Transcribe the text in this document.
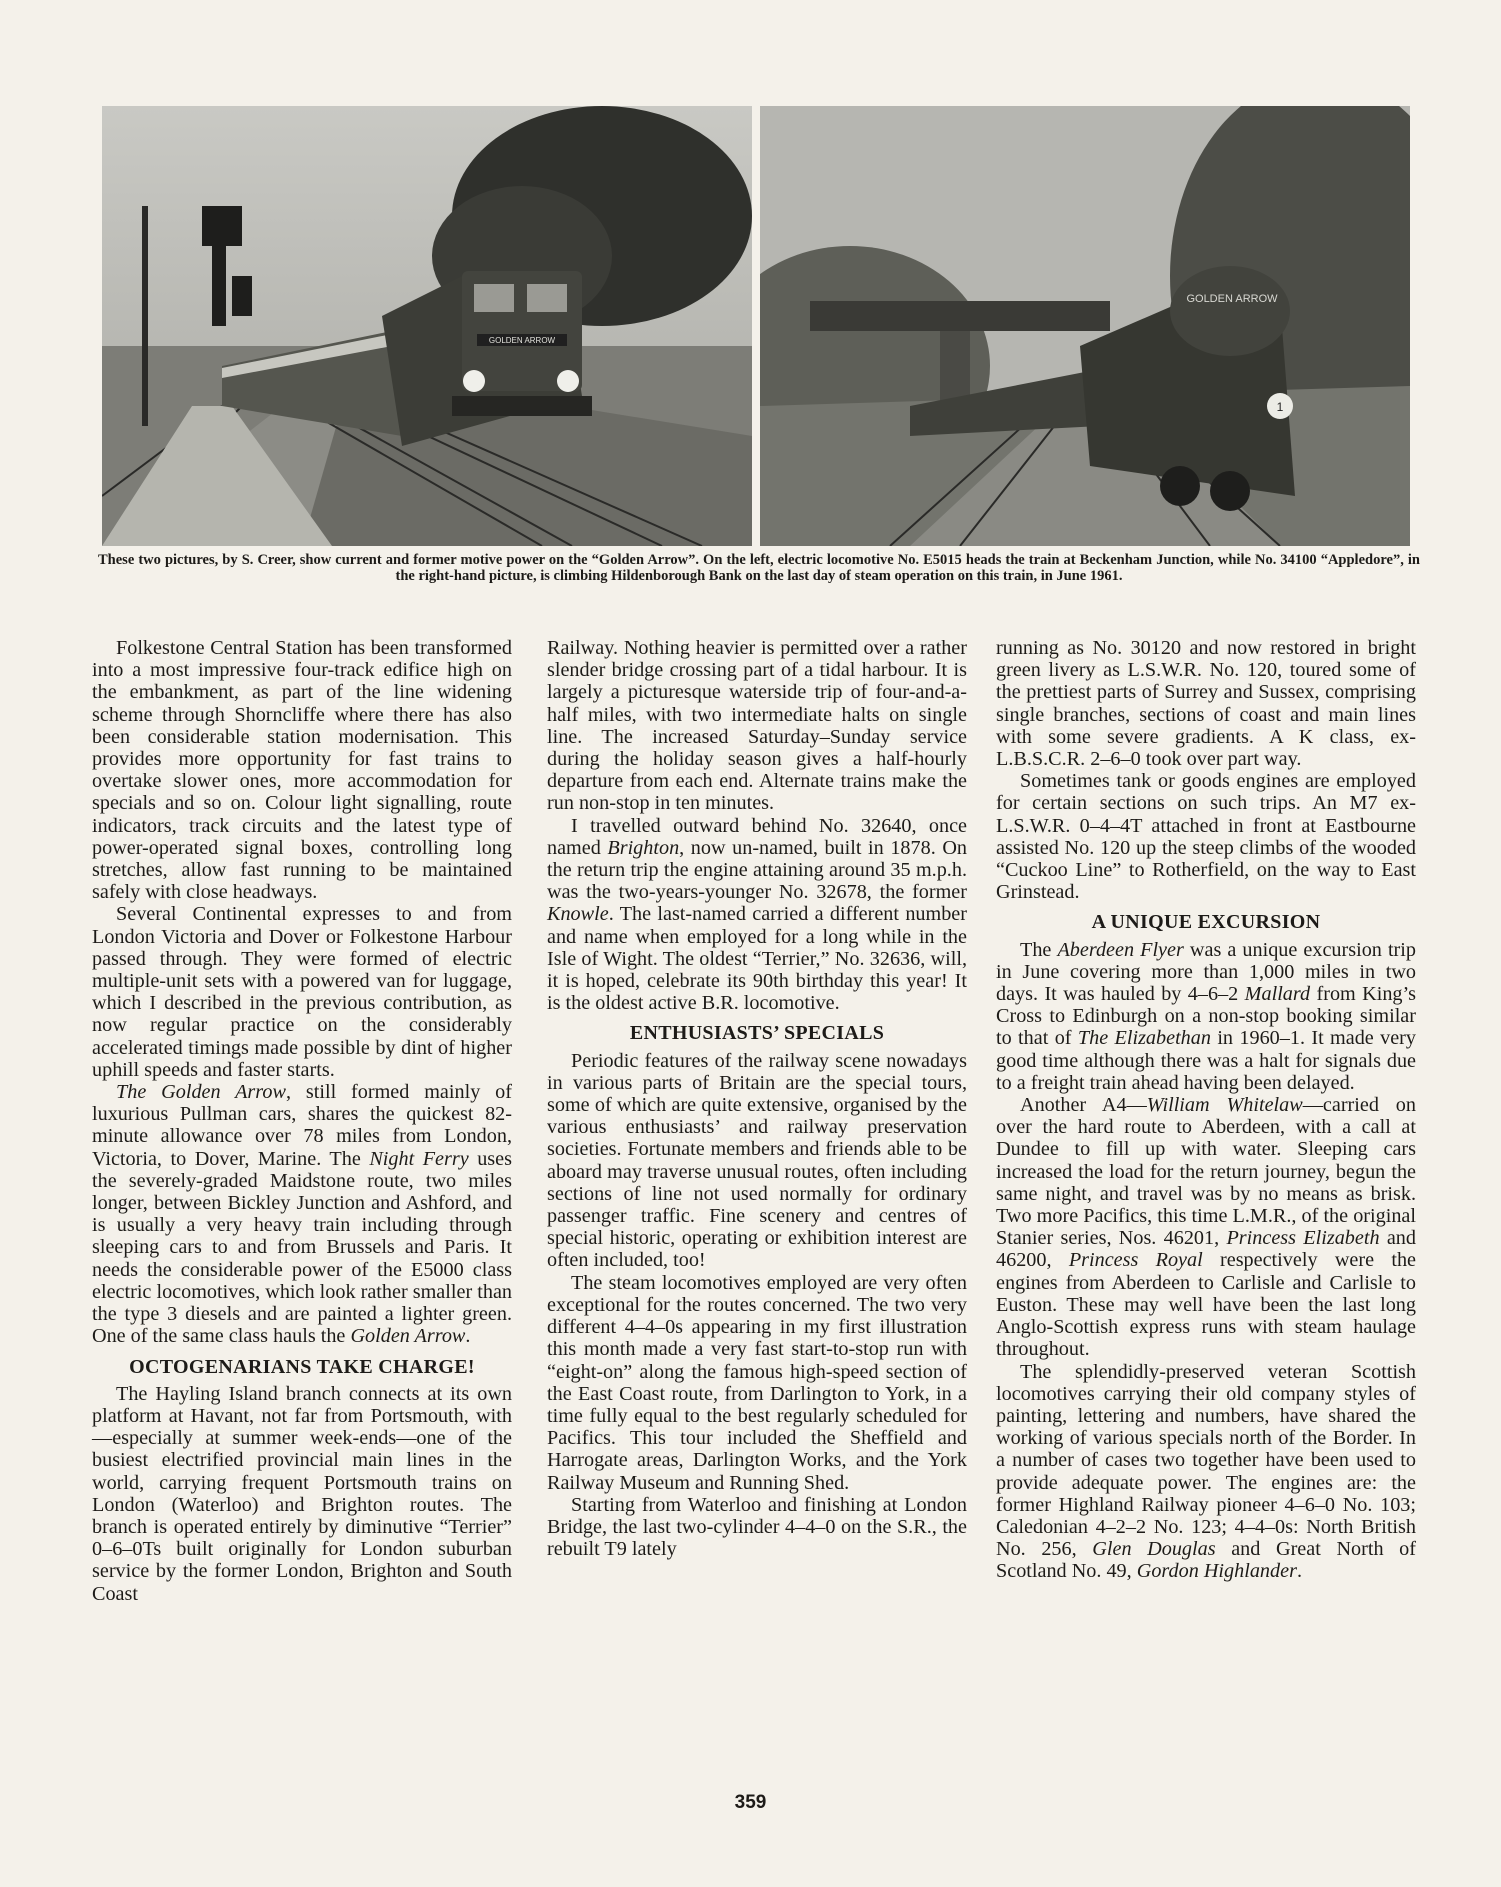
GOLDEN ARROW
GOLDEN ARROW
1
These two pictures, by S. Creer, show current and former motive power on the “Golden Arrow”. On the left, electric locomotive No. E5015 heads the train at Beckenham Junction, while No. 34100 “Appledore”, in the right-hand picture, is climbing Hildenborough Bank on the last day of steam operation on this train, in June 1961.

Folkestone Central Station has been transformed into a most impressive four-track edifice high on the embankment, as part of the line widening scheme through Shorncliffe where there has also been considerable station modernisation. This provides more opportunity for fast trains to overtake slower ones, more accommodation for specials and so on. Colour light signalling, route indicators, track circuits and the latest type of power-operated signal boxes, controlling long stretches, allow fast running to be maintained safely with close headways.

Several Continental expresses to and from London Victoria and Dover or Folkestone Harbour passed through. They were formed of electric multiple-unit sets with a powered van for luggage, which I described in the previous contribution, as now regular practice on the considerably accelerated timings made possible by dint of higher uphill speeds and faster starts.

The Golden Arrow, still formed mainly of luxurious Pullman cars, shares the quickest 82-minute allowance over 78 miles from London, Victoria, to Dover, Marine. The Night Ferry uses the severely-graded Maidstone route, two miles longer, between Bickley Junction and Ashford, and is usually a very heavy train including through sleeping cars to and from Brussels and Paris. It needs the considerable power of the E5000 class electric locomotives, which look rather smaller than the type 3 diesels and are painted a lighter green. One of the same class hauls the Golden Arrow.

OCTOGENARIANS TAKE CHARGE!

The Hayling Island branch connects at its own platform at Havant, not far from Portsmouth, with—especially at summer week-ends—one of the busiest electrified provincial main lines in the world, carrying frequent Portsmouth trains on London (Waterloo) and Brighton routes. The branch is operated entirely by diminutive “Terrier” 0–6–0Ts built originally for London suburban service by the former London, Brighton and South Coast

Railway. Nothing heavier is permitted over a rather slender bridge crossing part of a tidal harbour. It is largely a picturesque waterside trip of four-and-a-half miles, with two intermediate halts on single line. The increased Saturday–Sunday service during the holiday season gives a half-hourly departure from each end. Alternate trains make the run non-stop in ten minutes.

I travelled outward behind No. 32640, once named Brighton, now un-named, built in 1878. On the return trip the engine attaining around 35 m.p.h. was the two-years-younger No. 32678, the former Knowle. The last-named carried a different number and name when employed for a long while in the Isle of Wight. The oldest “Terrier,” No. 32636, will, it is hoped, celebrate its 90th birthday this year! It is the oldest active B.R. locomotive.

ENTHUSIASTS’ SPECIALS

Periodic features of the railway scene nowadays in various parts of Britain are the special tours, some of which are quite extensive, organised by the various enthusiasts’ and railway preservation societies. Fortunate members and friends able to be aboard may traverse unusual routes, often including sections of line not used normally for ordinary passenger traffic. Fine scenery and centres of special historic, operating or exhibition interest are often included, too!

The steam locomotives employed are very often exceptional for the routes concerned. The two very different 4–4–0s appearing in my first illustration this month made a very fast start-to-stop run with “eight-on” along the famous high-speed section of the East Coast route, from Darlington to York, in a time fully equal to the best regularly scheduled for Pacifics. This tour included the Sheffield and Harrogate areas, Darlington Works, and the York Railway Museum and Running Shed.

Starting from Waterloo and finishing at London Bridge, the last two-cylinder 4–4–0 on the S.R., the rebuilt T9 lately

running as No. 30120 and now restored in bright green livery as L.S.W.R. No. 120, toured some of the prettiest parts of Surrey and Sussex, comprising single branches, sections of coast and main lines with some severe gradients. A K class, ex-L.B.S.C.R. 2–6–0 took over part way.

Sometimes tank or goods engines are employed for certain sections on such trips. An M7 ex-L.S.W.R. 0–4–4T attached in front at Eastbourne assisted No. 120 up the steep climbs of the wooded “Cuckoo Line” to Rotherfield, on the way to East Grinstead.

A UNIQUE EXCURSION

The Aberdeen Flyer was a unique excursion trip in June covering more than 1,000 miles in two days. It was hauled by 4–6–2 Mallard from King’s Cross to Edinburgh on a non-stop booking similar to that of The Elizabethan in 1960–1. It made very good time although there was a halt for signals due to a freight train ahead having been delayed.

Another A4—William Whitelaw—carried on over the hard route to Aberdeen, with a call at Dundee to fill up with water. Sleeping cars increased the load for the return journey, begun the same night, and travel was by no means as brisk. Two more Pacifics, this time L.M.R., of the original Stanier series, Nos. 46201, Princess Elizabeth and 46200, Princess Royal respectively were the engines from Aberdeen to Carlisle and Carlisle to Euston. These may well have been the last long Anglo-Scottish express runs with steam haulage throughout.

The splendidly-preserved veteran Scottish locomotives carrying their old company styles of painting, lettering and numbers, have shared the working of various specials north of the Border. In a number of cases two together have been used to provide adequate power. The engines are: the former Highland Railway pioneer 4–6–0 No. 103; Caledonian 4–2–2 No. 123; 4–4–0s: North British No. 256, Glen Douglas and Great North of Scotland No. 49, Gordon Highlander.

359
